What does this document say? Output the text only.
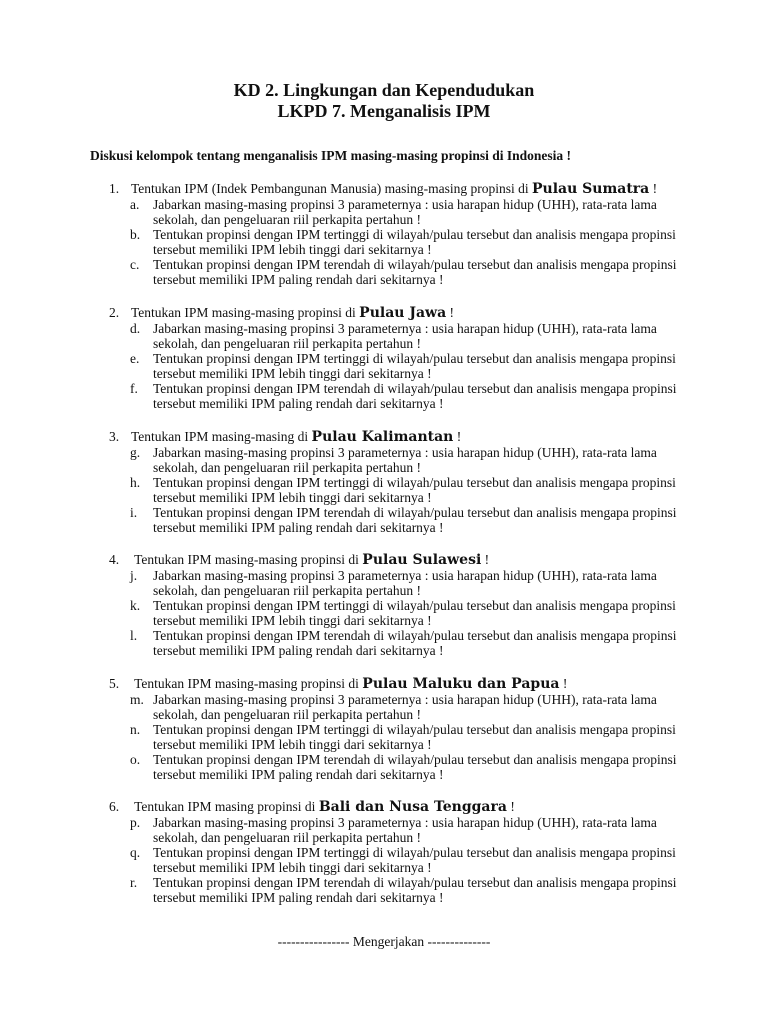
KD 2. Lingkungan dan Kependudukan
LKPD 7. Menganalisis IPM
Diskusi kelompok tentang menganalisis IPM masing-masing propinsi di Indonesia !
1. Tentukan IPM (Indek Pembangunan Manusia) masing-masing propinsi di Pulau Sumatra !
a. Jabarkan masing-masing propinsi 3 parameternya : usia harapan hidup (UHH), rata-rata lama sekolah, dan pengeluaran riil perkapita pertahun !
b. Tentukan propinsi dengan IPM tertinggi di wilayah/pulau tersebut dan analisis mengapa propinsi tersebut memiliki IPM lebih tinggi dari sekitarnya !
c. Tentukan propinsi dengan IPM terendah di wilayah/pulau tersebut dan analisis mengapa propinsi tersebut memiliki IPM paling rendah dari sekitarnya !
2. Tentukan IPM masing-masing propinsi di Pulau Jawa !
d. Jabarkan masing-masing propinsi 3 parameternya : usia harapan hidup (UHH), rata-rata lama sekolah, dan pengeluaran riil perkapita pertahun !
e. Tentukan propinsi dengan IPM tertinggi di wilayah/pulau tersebut dan analisis mengapa propinsi tersebut memiliki IPM lebih tinggi dari sekitarnya !
f. Tentukan propinsi dengan IPM terendah di wilayah/pulau tersebut dan analisis mengapa propinsi tersebut memiliki IPM paling rendah dari sekitarnya !
3. Tentukan IPM masing-masing di Pulau Kalimantan !
g. Jabarkan masing-masing propinsi 3 parameternya : usia harapan hidup (UHH), rata-rata lama sekolah, dan pengeluaran riil perkapita pertahun !
h. Tentukan propinsi dengan IPM tertinggi di wilayah/pulau tersebut dan analisis mengapa propinsi tersebut memiliki IPM lebih tinggi dari sekitarnya !
i. Tentukan propinsi dengan IPM terendah di wilayah/pulau tersebut dan analisis mengapa propinsi tersebut memiliki IPM paling rendah dari sekitarnya !
4. Tentukan IPM masing-masing propinsi di Pulau Sulawesi !
j. Jabarkan masing-masing propinsi 3 parameternya : usia harapan hidup (UHH), rata-rata lama sekolah, dan pengeluaran riil perkapita pertahun !
k. Tentukan propinsi dengan IPM tertinggi di wilayah/pulau tersebut dan analisis mengapa propinsi tersebut memiliki IPM lebih tinggi dari sekitarnya !
l. Tentukan propinsi dengan IPM terendah di wilayah/pulau tersebut dan analisis mengapa propinsi tersebut memiliki IPM paling rendah dari sekitarnya !
5. Tentukan IPM masing-masing propinsi di Pulau Maluku dan Papua !
m. Jabarkan masing-masing propinsi 3 parameternya : usia harapan hidup (UHH), rata-rata lama sekolah, dan pengeluaran riil perkapita pertahun !
n. Tentukan propinsi dengan IPM tertinggi di wilayah/pulau tersebut dan analisis mengapa propinsi tersebut memiliki IPM lebih tinggi dari sekitarnya !
o. Tentukan propinsi dengan IPM terendah di wilayah/pulau tersebut dan analisis mengapa propinsi tersebut memiliki IPM paling rendah dari sekitarnya !
6. Tentukan IPM masing propinsi di Bali dan Nusa Tenggara !
p. Jabarkan masing-masing propinsi 3 parameternya : usia harapan hidup (UHH), rata-rata lama sekolah, dan pengeluaran riil perkapita pertahun !
q. Tentukan propinsi dengan IPM tertinggi di wilayah/pulau tersebut dan analisis mengapa propinsi tersebut memiliki IPM lebih tinggi dari sekitarnya !
r. Tentukan propinsi dengan IPM terendah di wilayah/pulau tersebut dan analisis mengapa propinsi tersebut memiliki IPM paling rendah dari sekitarnya !
---------------- Mengerjakan --------------
